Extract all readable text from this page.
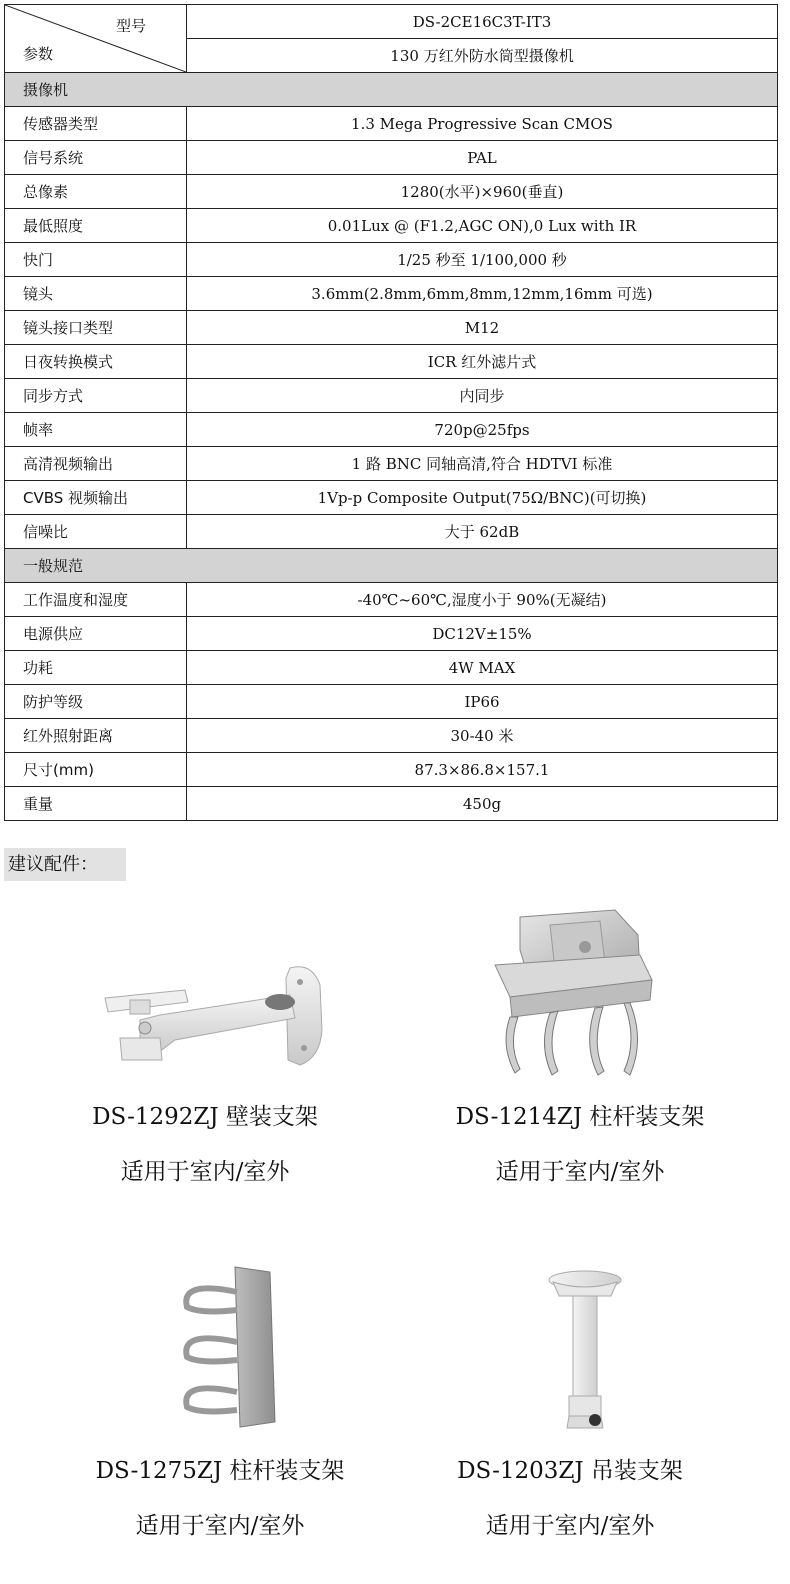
型号
参数	DS-2CE16C3T-IT3
	130 万红外防水筒型摄像机
摄像机	
传感器类型	1.3 Mega Progressive Scan CMOS
信号系统	PAL
总像素	1280(水平)×960(垂直)
最低照度	0.01Lux @ (F1.2,AGC ON),0 Lux with IR
快门	1/25 秒至 1/100,000 秒
镜头	3.6mm(2.8mm,6mm,8mm,12mm,16mm 可选)
镜头接口类型	M12
日夜转换模式	ICR 红外滤片式
同步方式	内同步
帧率	720p@25fps
高清视频输出	1 路 BNC 同轴高清,符合 HDTVI 标准
CVBS 视频输出	1Vp-p Composite Output(75Ω/BNC)(可切换)
信噪比	大于 62dB
一般规范	
工作温度和湿度	-40℃~60℃,湿度小于 90%(无凝结)
电源供应	DC12V±15%
功耗	4W MAX
防护等级	IP66
红外照射距离	30-40 米
尺寸(mm)	87.3×86.8×157.1
重量	450g
建议配件：
DS-1292ZJ 壁装支架
适用于室内/室外
DS-1214ZJ 柱杆装支架
适用于室内/室外
DS-1275ZJ 柱杆装支架
适用于室内/室外
DS-1203ZJ 吊装支架
适用于室内/室外
